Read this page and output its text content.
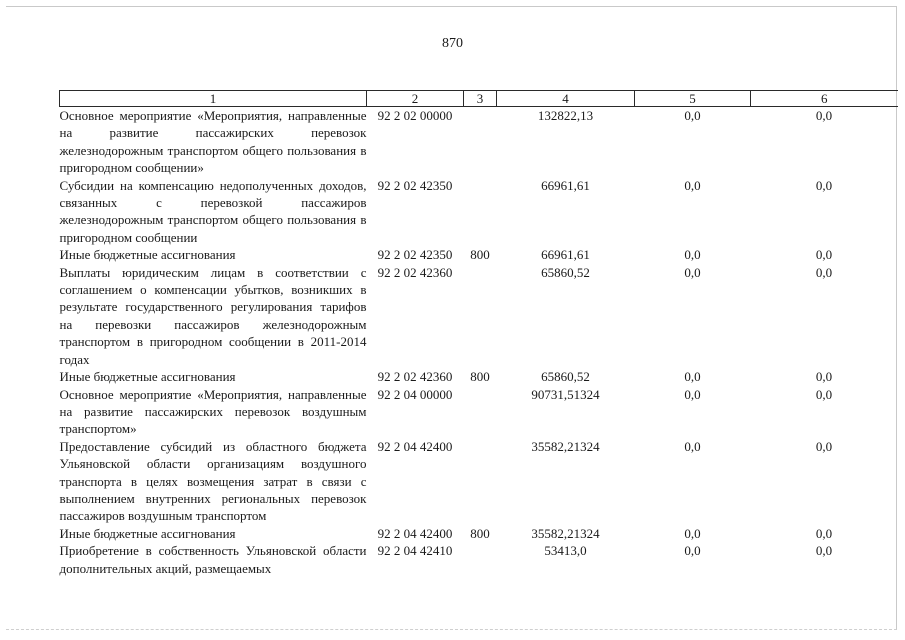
870
1	2	3	4	5	6
Основное мероприятие «Мероприятия, направленные на развитие пассажирских перевозок железнодорожным транспортом общего пользования в пригородном сообщении»	92 2 02 00000		132822,13	0,0	0,0
Субсидии на компенсацию недополученных доходов, связанных с перевозкой пассажиров железнодорожным транспортом общего пользования в пригородном сообщении	92 2 02 42350		66961,61	0,0	0,0
Иные бюджетные ассигнования	92 2 02 42350	800	66961,61	0,0	0,0
Выплаты юридическим лицам в соответствии с соглашением о компенсации убытков, возникших в результате государственного регулирования тарифов на перевозки пассажиров железнодорожным транспортом в пригородном сообщении в 2011-2014 годах	92 2 02 42360		65860,52	0,0	0,0
Иные бюджетные ассигнования	92 2 02 42360	800	65860,52	0,0	0,0
Основное мероприятие «Мероприятия, направленные на развитие пассажирских перевозок воздушным транспортом»	92 2 04 00000		90731,51324	0,0	0,0
Предоставление субсидий из областного бюджета Ульяновской области организациям воздушного транспорта в целях возмещения затрат в связи с выполнением внутренних региональных перевозок пассажиров воздушным транспортом	92 2 04 42400		35582,21324	0,0	0,0
Иные бюджетные ассигнования	92 2 04 42400	800	35582,21324	0,0	0,0
Приобретение в собственность Ульяновской области дополнительных акций, размещаемых	92 2 04 42410		53413,0	0,0	0,0
